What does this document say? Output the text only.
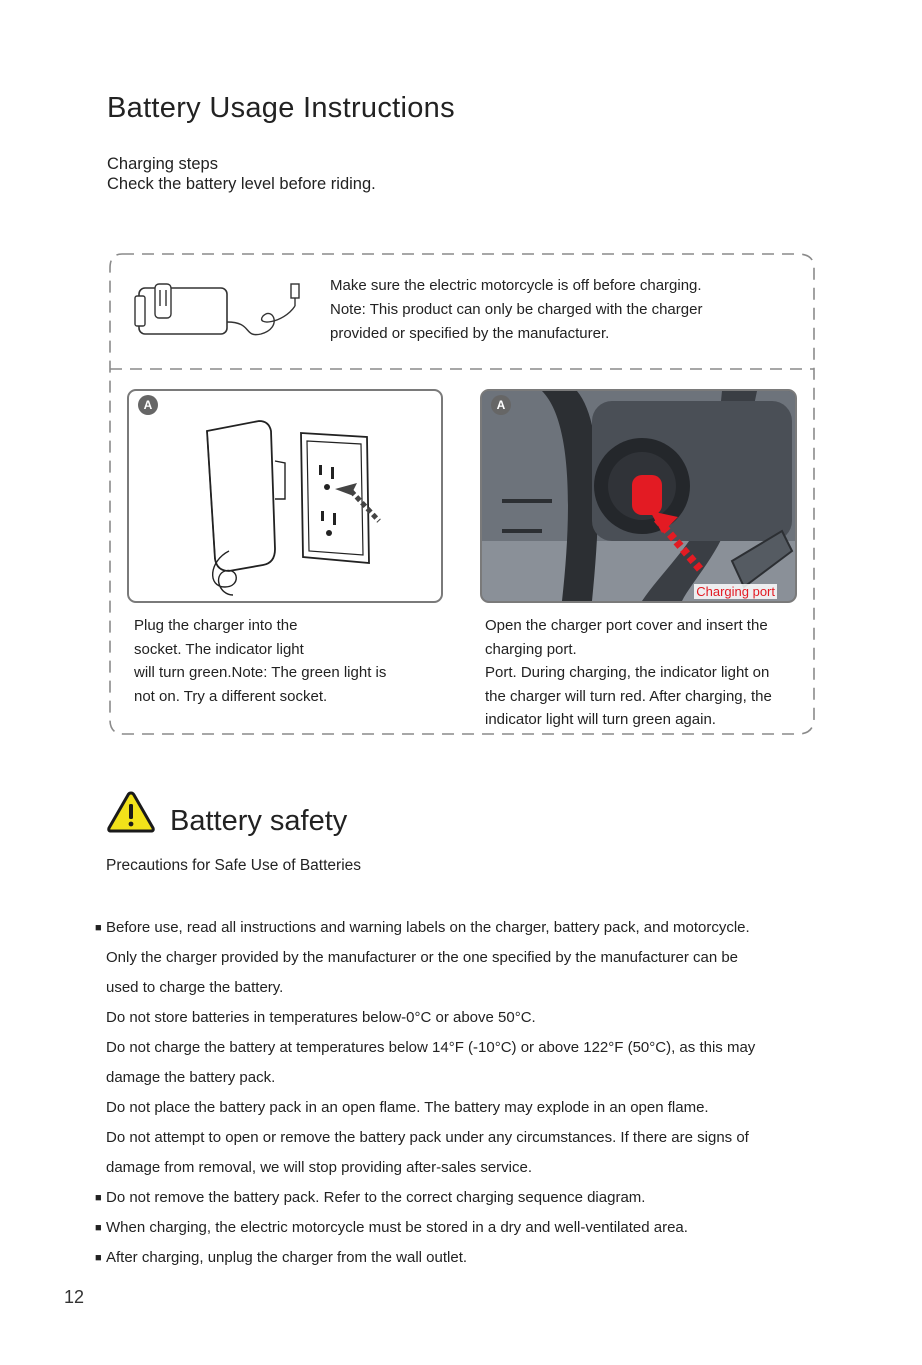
Battery Usage Instructions
Charging steps
Check the battery level before riding.
Make sure the electric motorcycle is off before charging.
Note: This product can only be charged with the charger
provided or specified by the manufacturer.
A	A
Charging port
Plug the charger into the
socket. The indicator light
will turn green.Note: The green light is
not on. Try a different socket.
Open the charger port cover and insert the
charging port.
Port. During charging, the indicator light on
the charger will turn red. After charging, the
indicator light will turn green again.
Battery safety
Precautions for Safe Use of Batteries
■ Before use, read all instructions and warning labels on the charger, battery pack, and motorcycle.
Only the charger provided by the manufacturer or the one specified by the manufacturer can be
used to charge the battery.
Do not store batteries in temperatures below-0°C or above 50°C.
Do not charge the battery at temperatures below 14°F (-10°C) or above 122°F (50°C), as this may
damage the battery pack.
Do not place the battery pack in an open flame. The battery may explode in an open flame.
Do not attempt to open or remove the battery pack under any circumstances. If there are signs of
damage from removal, we will stop providing after-sales service.
■ Do not remove the battery pack. Refer to the correct charging sequence diagram.
■ When charging, the electric motorcycle must be stored in a dry and well-ventilated area.
■ After charging, unplug the charger from the wall outlet.
12
